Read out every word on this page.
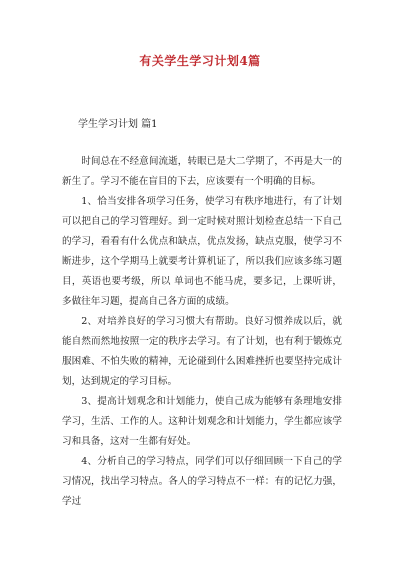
有关学生学习计划4篇
学生学习计划 篇1

时间总在不经意间流逝，转眼已是大二学期了，不再是大一的新生了。学习不能在盲目的下去，应该要有一个明确的目标。

1、恰当安排各项学习任务，使学习有秩序地进行，有了计划可以把自己的学习管理好。到一定时候对照计划检查总结一下自己的学习，看看有什么优点和缺点，优点发扬，缺点克服，使学习不断进步，这个学期马上就要考计算机证了，所以我们应该多练习题目，英语也要考级，所以 单词也不能马虎，要多记，上课听讲，多做往年习题，提高自己各方面的成绩。

2、对培养良好的学习习惯大有帮助。良好习惯养成以后，就能自然而然地按照一定的秩序去学习。有了计划，也有利于锻炼克服困难、不怕失败的精神，无论碰到什么困难挫折也要坚持完成计划，达到规定的学习目标。

3、提高计划观念和计划能力，使自己成为能够有条理地安排学习，生活、工作的人。这种计划观念和计划能力，学生都应该学习和具备，这对一生都有好处。

4、分析自己的学习特点，同学们可以仔细回顾一下自己的学习情况，找出学习特点。各人的学习特点不一样：有的记忆力强，学过
